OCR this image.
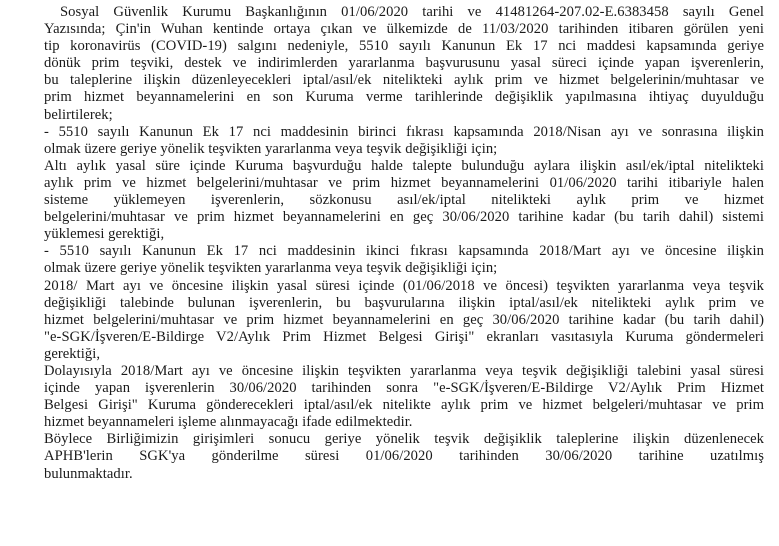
Sosyal Güvenlik Kurumu Başkanlığının 01/06/2020 tarihi ve 41481264-207.02-E.6383458 sayılı Genel
Yazısında; Çin'in Wuhan kentinde ortaya çıkan ve ülkemizde de 11/03/2020 tarihinden itibaren görülen yeni
tip koronavirüs (COVID-19) salgını nedeniyle, 5510 sayılı Kanunun Ek 17 nci maddesi kapsamında geriye
dönük prim teşviki, destek ve indirimlerden yararlanma başvurusunu yasal süreci içinde yapan işverenlerin,
bu taleplerine ilişkin düzenleyecekleri iptal/asıl/ek nitelikteki aylık prim ve hizmet belgelerinin/muhtasar ve
prim hizmet beyannamelerini en son Kuruma verme tarihlerinde değişiklik yapılmasına ihtiyaç duyulduğu
belirtilerek;
- 5510 sayılı Kanunun Ek 17 nci maddesinin birinci fıkrası kapsamında 2018/Nisan ayı ve sonrasına ilişkin
olmak üzere geriye yönelik teşvikten yararlanma veya teşvik değişikliği için;
Altı aylık yasal süre içinde Kuruma başvurduğu halde talepte bulunduğu aylara ilişkin asıl/ek/iptal nitelikteki
aylık prim ve hizmet belgelerini/muhtasar ve prim hizmet beyannamelerini 01/06/2020 tarihi itibariyle halen
sisteme yüklemeyen işverenlerin, sözkonusu asıl/ek/iptal nitelikteki aylık prim ve hizmet
belgelerini/muhtasar ve prim hizmet beyannamelerini en geç 30/06/2020 tarihine kadar (bu tarih dahil) sistemi
yüklemesi gerektiği,
- 5510 sayılı Kanunun Ek 17 nci maddesinin ikinci fıkrası kapsamında 2018/Mart ayı ve öncesine ilişkin
olmak üzere geriye yönelik teşvikten yararlanma veya teşvik değişikliği için;
2018/ Mart ayı ve öncesine ilişkin yasal süresi içinde (01/06/2018 ve öncesi) teşvikten yararlanma veya teşvik
değişikliği talebinde bulunan işverenlerin, bu başvurularına ilişkin iptal/asıl/ek nitelikteki aylık prim ve
hizmet belgelerini/muhtasar ve prim hizmet beyannamelerini en geç 30/06/2020 tarihine kadar (bu tarih dahil)
"e-SGK/İşveren/E-Bildirge V2/Aylık Prim Hizmet Belgesi Girişi" ekranları vasıtasıyla Kuruma göndermeleri
gerektiği,
Dolayısıyla 2018/Mart ayı ve öncesine ilişkin teşvikten yararlanma veya teşvik değişikliği talebini yasal süresi
içinde yapan işverenlerin 30/06/2020 tarihinden sonra "e-SGK/İşveren/E-Bildirge V2/Aylık Prim Hizmet
Belgesi Girişi" Kuruma gönderecekleri iptal/asıl/ek nitelikte aylık prim ve hizmet belgeleri/muhtasar ve prim
hizmet beyannameleri işleme alınmayacağı ifade edilmektedir.
Böylece Birliğimizin girişimleri sonucu geriye yönelik teşvik değişiklik taleplerine ilişkin düzenlenecek
APHB'lerin SGK'ya gönderilme süresi 01/06/2020 tarihinden 30/06/2020 tarihine uzatılmış
bulunmaktadır.
